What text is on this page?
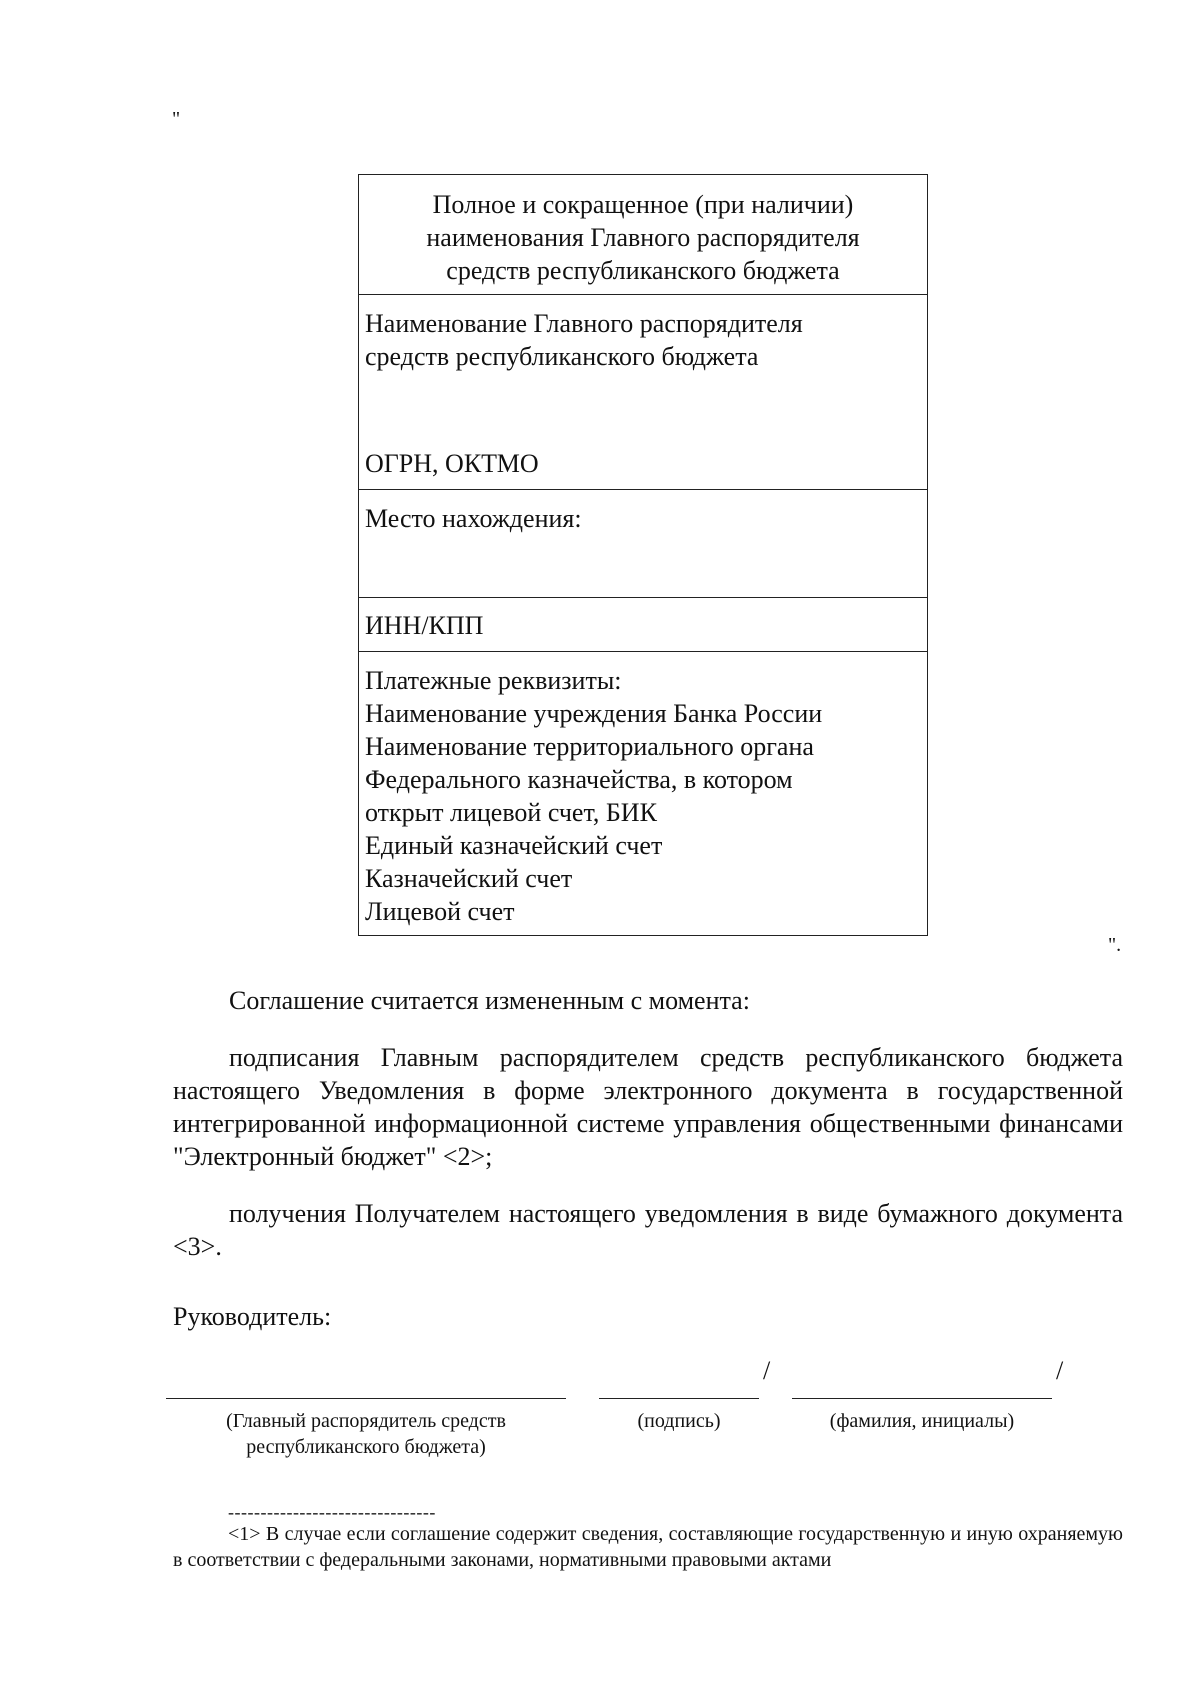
"
Полное и сокращенное (при наличии)
наименования Главного распорядителя
средств республиканского бюджета
Наименование Главного распорядителя
средств республиканского бюджета
ОГРН, ОКТМО
Место нахождения:
ИНН/КПП
Платежные реквизиты:
Наименование учреждения Банка России
Наименование территориального органа
Федерального казначейства, в котором
открыт лицевой счет, БИК
Единый казначейский счет
Казначейский счет
Лицевой счет
".
Соглашение считается измененным с момента:
подписания Главным распорядителем средств республиканского бюджета настоящего Уведомления в форме электронного документа в государственной интегрированной информационной системе управления общественными финансами "Электронный бюджет" <2>;
получения Получателем настоящего уведомления в виде бумажного документа <3>.
Руководитель:
/	/
(Главный распорядитель средств
республиканского бюджета)
(подпись)	(фамилия, инициалы)
--------------------------------
<1> В случае если соглашение содержит сведения, составляющие государственную и иную охраняемую в соответствии с федеральными законами, нормативными правовыми актами
